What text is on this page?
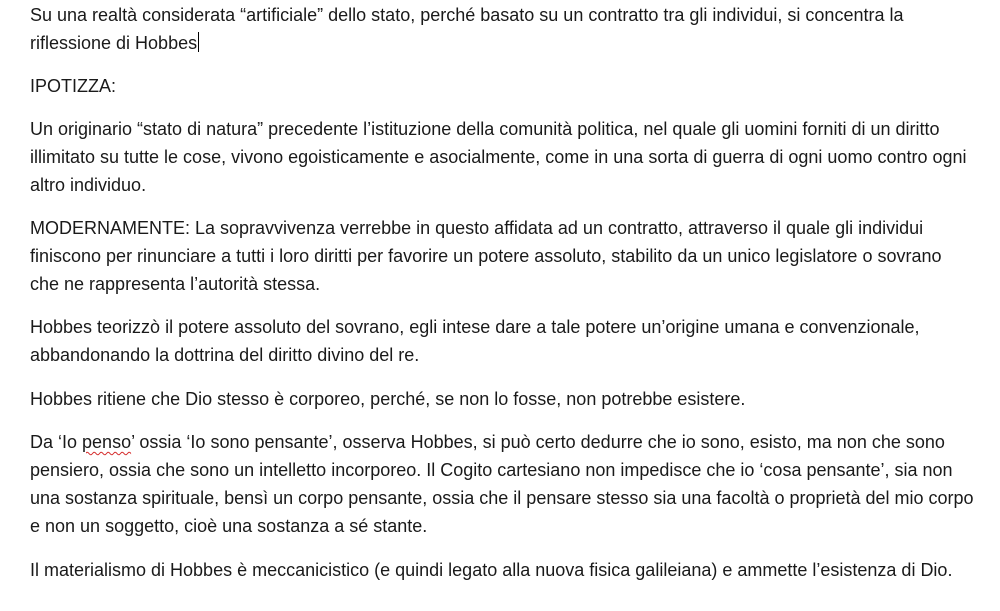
Su una realtà considerata “artificiale” dello stato, perché basato su un contratto tra gli individui, si concentra la riflessione di Hobbes

IPOTIZZA:

Un originario “stato di natura” precedente l’istituzione della comunità politica, nel quale gli uomini forniti di un diritto illimitato su tutte le cose, vivono egoisticamente e asocialmente, come in una sorta di guerra di ogni uomo contro ogni altro individuo.

MODERNAMENTE: La sopravvivenza verrebbe in questo affidata ad un contratto, attraverso il quale gli individui finiscono per rinunciare a tutti i loro diritti per favorire un potere assoluto, stabilito da un unico legislatore o sovrano che ne rappresenta l’autorità stessa.

Hobbes teorizzò il potere assoluto del sovrano, egli intese dare a tale potere un’origine umana e convenzionale, abbandonando la dottrina del diritto divino del re.

Hobbes ritiene che Dio stesso è corporeo, perché, se non lo fosse, non potrebbe esistere.

Da ‘Io penso’ ossia ‘Io sono pensante’, osserva Hobbes, si può certo dedurre che io sono, esisto, ma non che sono pensiero, ossia che sono un intelletto incorporeo. Il Cogito cartesiano non impedisce che io ‘cosa pensante’, sia non una sostanza spirituale, bensì un corpo pensante, ossia che il pensare stesso sia una facoltà o proprietà del mio corpo e non un soggetto, cioè una sostanza a sé stante.

Il materialismo di Hobbes è meccanicistico (e quindi legato alla nuova fisica galileiana) e ammette l’esistenza di Dio.
